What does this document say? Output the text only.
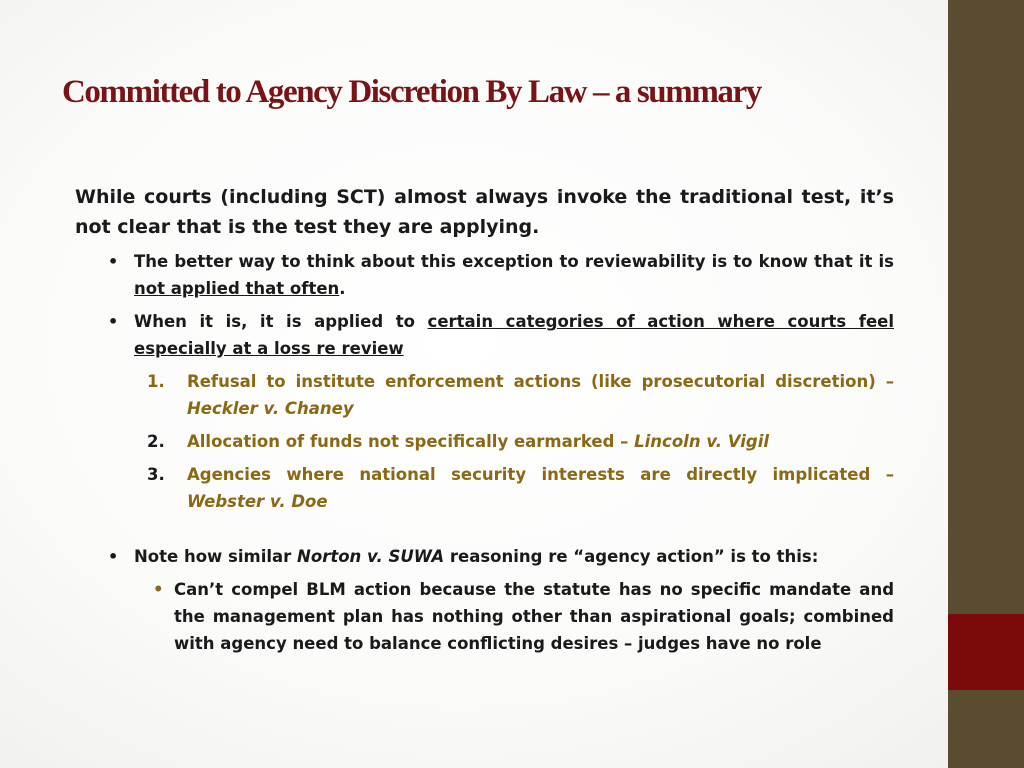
Committed to Agency Discretion By Law – a summary

While courts (including SCT) almost always invoke the traditional test, it’s not clear that is the test they are applying.

• The better way to think about this exception to reviewability is to know that it is not applied that often.

• When it is, it is applied to certain categories of action where courts feel especially at a loss re review

1. Refusal to institute enforcement actions (like prosecutorial discretion) – Heckler v. Chaney

2. Allocation of funds not specifically earmarked – Lincoln v. Vigil

3. Agencies where national security interests are directly implicated – Webster v. Doe

• Note how similar Norton v. SUWA reasoning re “agency action” is to this:

• Can’t compel BLM action because the statute has no specific mandate and the management plan has nothing other than aspirational goals; combined with agency need to balance conflicting desires – judges have no role
